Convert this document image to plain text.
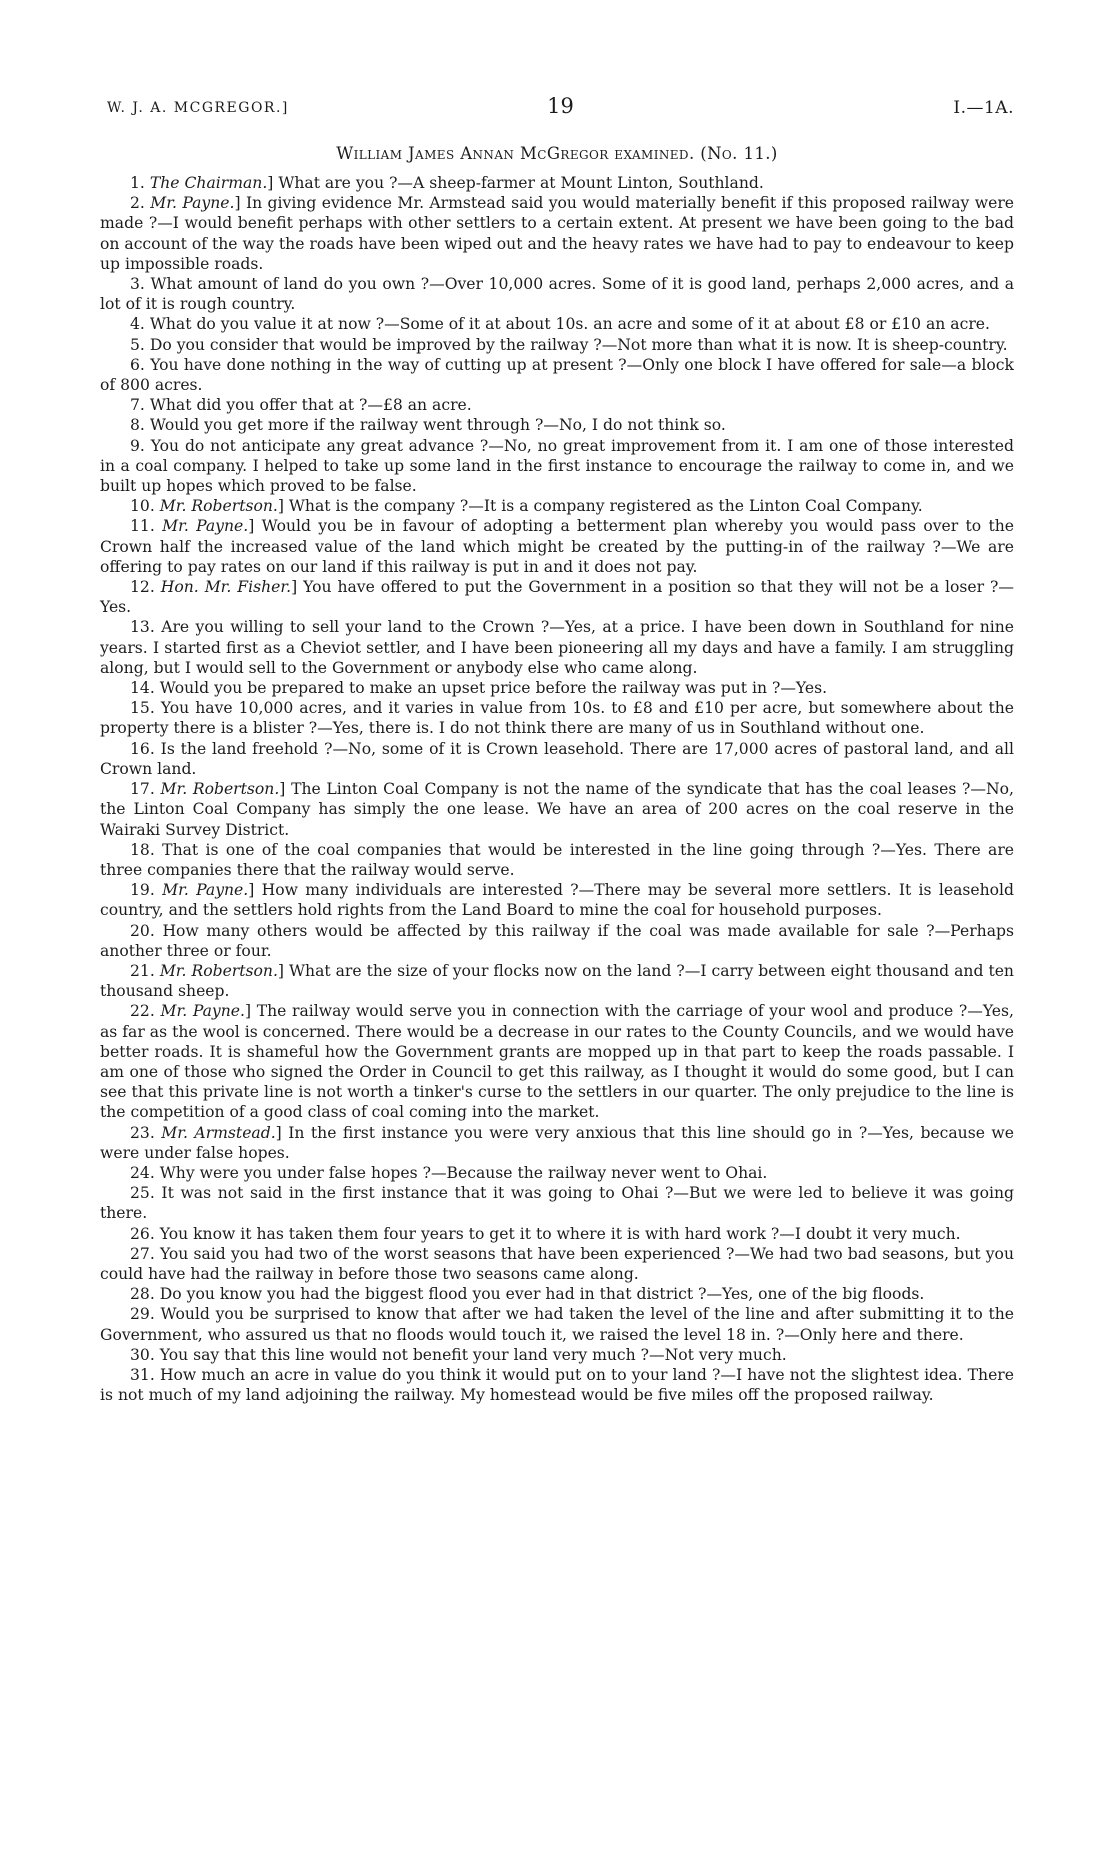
W. J. A. MCGREGOR.]	19	I.—1A.
William James Annan McGregor examined. (No. 11.)

1. The Chairman.] What are you ?—A sheep-farmer at Mount Linton, Southland.

2. Mr. Payne.] In giving evidence Mr. Armstead said you would materially benefit if this proposed railway were made ?—I would benefit perhaps with other settlers to a certain extent. At present we have been going to the bad on account of the way the roads have been wiped out and the heavy rates we have had to pay to endeavour to keep up impossible roads.

3. What amount of land do you own ?—Over 10,000 acres. Some of it is good land, perhaps 2,000 acres, and a lot of it is rough country.

4. What do you value it at now ?—Some of it at about 10s. an acre and some of it at about £8 or £10 an acre.

5. Do you consider that would be improved by the railway ?—Not more than what it is now. It is sheep-country.

6. You have done nothing in the way of cutting up at present ?—Only one block I have offered for sale—a block of 800 acres.

7. What did you offer that at ?—£8 an acre.

8. Would you get more if the railway went through ?—No, I do not think so.

9. You do not anticipate any great advance ?—No, no great improvement from it. I am one of those interested in a coal company. I helped to take up some land in the first instance to encourage the railway to come in, and we built up hopes which proved to be false.

10. Mr. Robertson.] What is the company ?—It is a company registered as the Linton Coal Company.

11. Mr. Payne.] Would you be in favour of adopting a betterment plan whereby you would pass over to the Crown half the increased value of the land which might be created by the putting-in of the railway ?—We are offering to pay rates on our land if this railway is put in and it does not pay.

12. Hon. Mr. Fisher.] You have offered to put the Government in a position so that they will not be a loser ?—Yes.

13. Are you willing to sell your land to the Crown ?—Yes, at a price. I have been down in Southland for nine years. I started first as a Cheviot settler, and I have been pioneering all my days and have a family. I am struggling along, but I would sell to the Government or anybody else who came along.

14. Would you be prepared to make an upset price before the railway was put in ?—Yes.

15. You have 10,000 acres, and it varies in value from 10s. to £8 and £10 per acre, but somewhere about the property there is a blister ?—Yes, there is. I do not think there are many of us in Southland without one.

16. Is the land freehold ?—No, some of it is Crown leasehold. There are 17,000 acres of pastoral land, and all Crown land.

17. Mr. Robertson.] The Linton Coal Company is not the name of the syndicate that has the coal leases ?—No, the Linton Coal Company has simply the one lease. We have an area of 200 acres on the coal reserve in the Wairaki Survey District.

18. That is one of the coal companies that would be interested in the line going through ?—Yes. There are three companies there that the railway would serve.

19. Mr. Payne.] How many individuals are interested ?—There may be several more settlers. It is leasehold country, and the settlers hold rights from the Land Board to mine the coal for household purposes.

20. How many others would be affected by this railway if the coal was made available for sale ?—Perhaps another three or four.

21. Mr. Robertson.] What are the size of your flocks now on the land ?—I carry between eight thousand and ten thousand sheep.

22. Mr. Payne.] The railway would serve you in connection with the carriage of your wool and produce ?—Yes, as far as the wool is concerned. There would be a decrease in our rates to the County Councils, and we would have better roads. It is shameful how the Government grants are mopped up in that part to keep the roads passable. I am one of those who signed the Order in Council to get this railway, as I thought it would do some good, but I can see that this private line is not worth a tinker's curse to the settlers in our quarter. The only prejudice to the line is the competition of a good class of coal coming into the market.

23. Mr. Armstead.] In the first instance you were very anxious that this line should go in ?—Yes, because we were under false hopes.

24. Why were you under false hopes ?—Because the railway never went to Ohai.

25. It was not said in the first instance that it was going to Ohai ?—But we were led to believe it was going there.

26. You know it has taken them four years to get it to where it is with hard work ?—I doubt it very much.

27. You said you had two of the worst seasons that have been experienced ?—We had two bad seasons, but you could have had the railway in before those two seasons came along.

28. Do you know you had the biggest flood you ever had in that district ?—Yes, one of the big floods.

29. Would you be surprised to know that after we had taken the level of the line and after submitting it to the Government, who assured us that no floods would touch it, we raised the level 18 in. ?—Only here and there.

30. You say that this line would not benefit your land very much ?—Not very much.

31. How much an acre in value do you think it would put on to your land ?—I have not the slightest idea. There is not much of my land adjoining the railway. My homestead would be five miles off the proposed railway.
